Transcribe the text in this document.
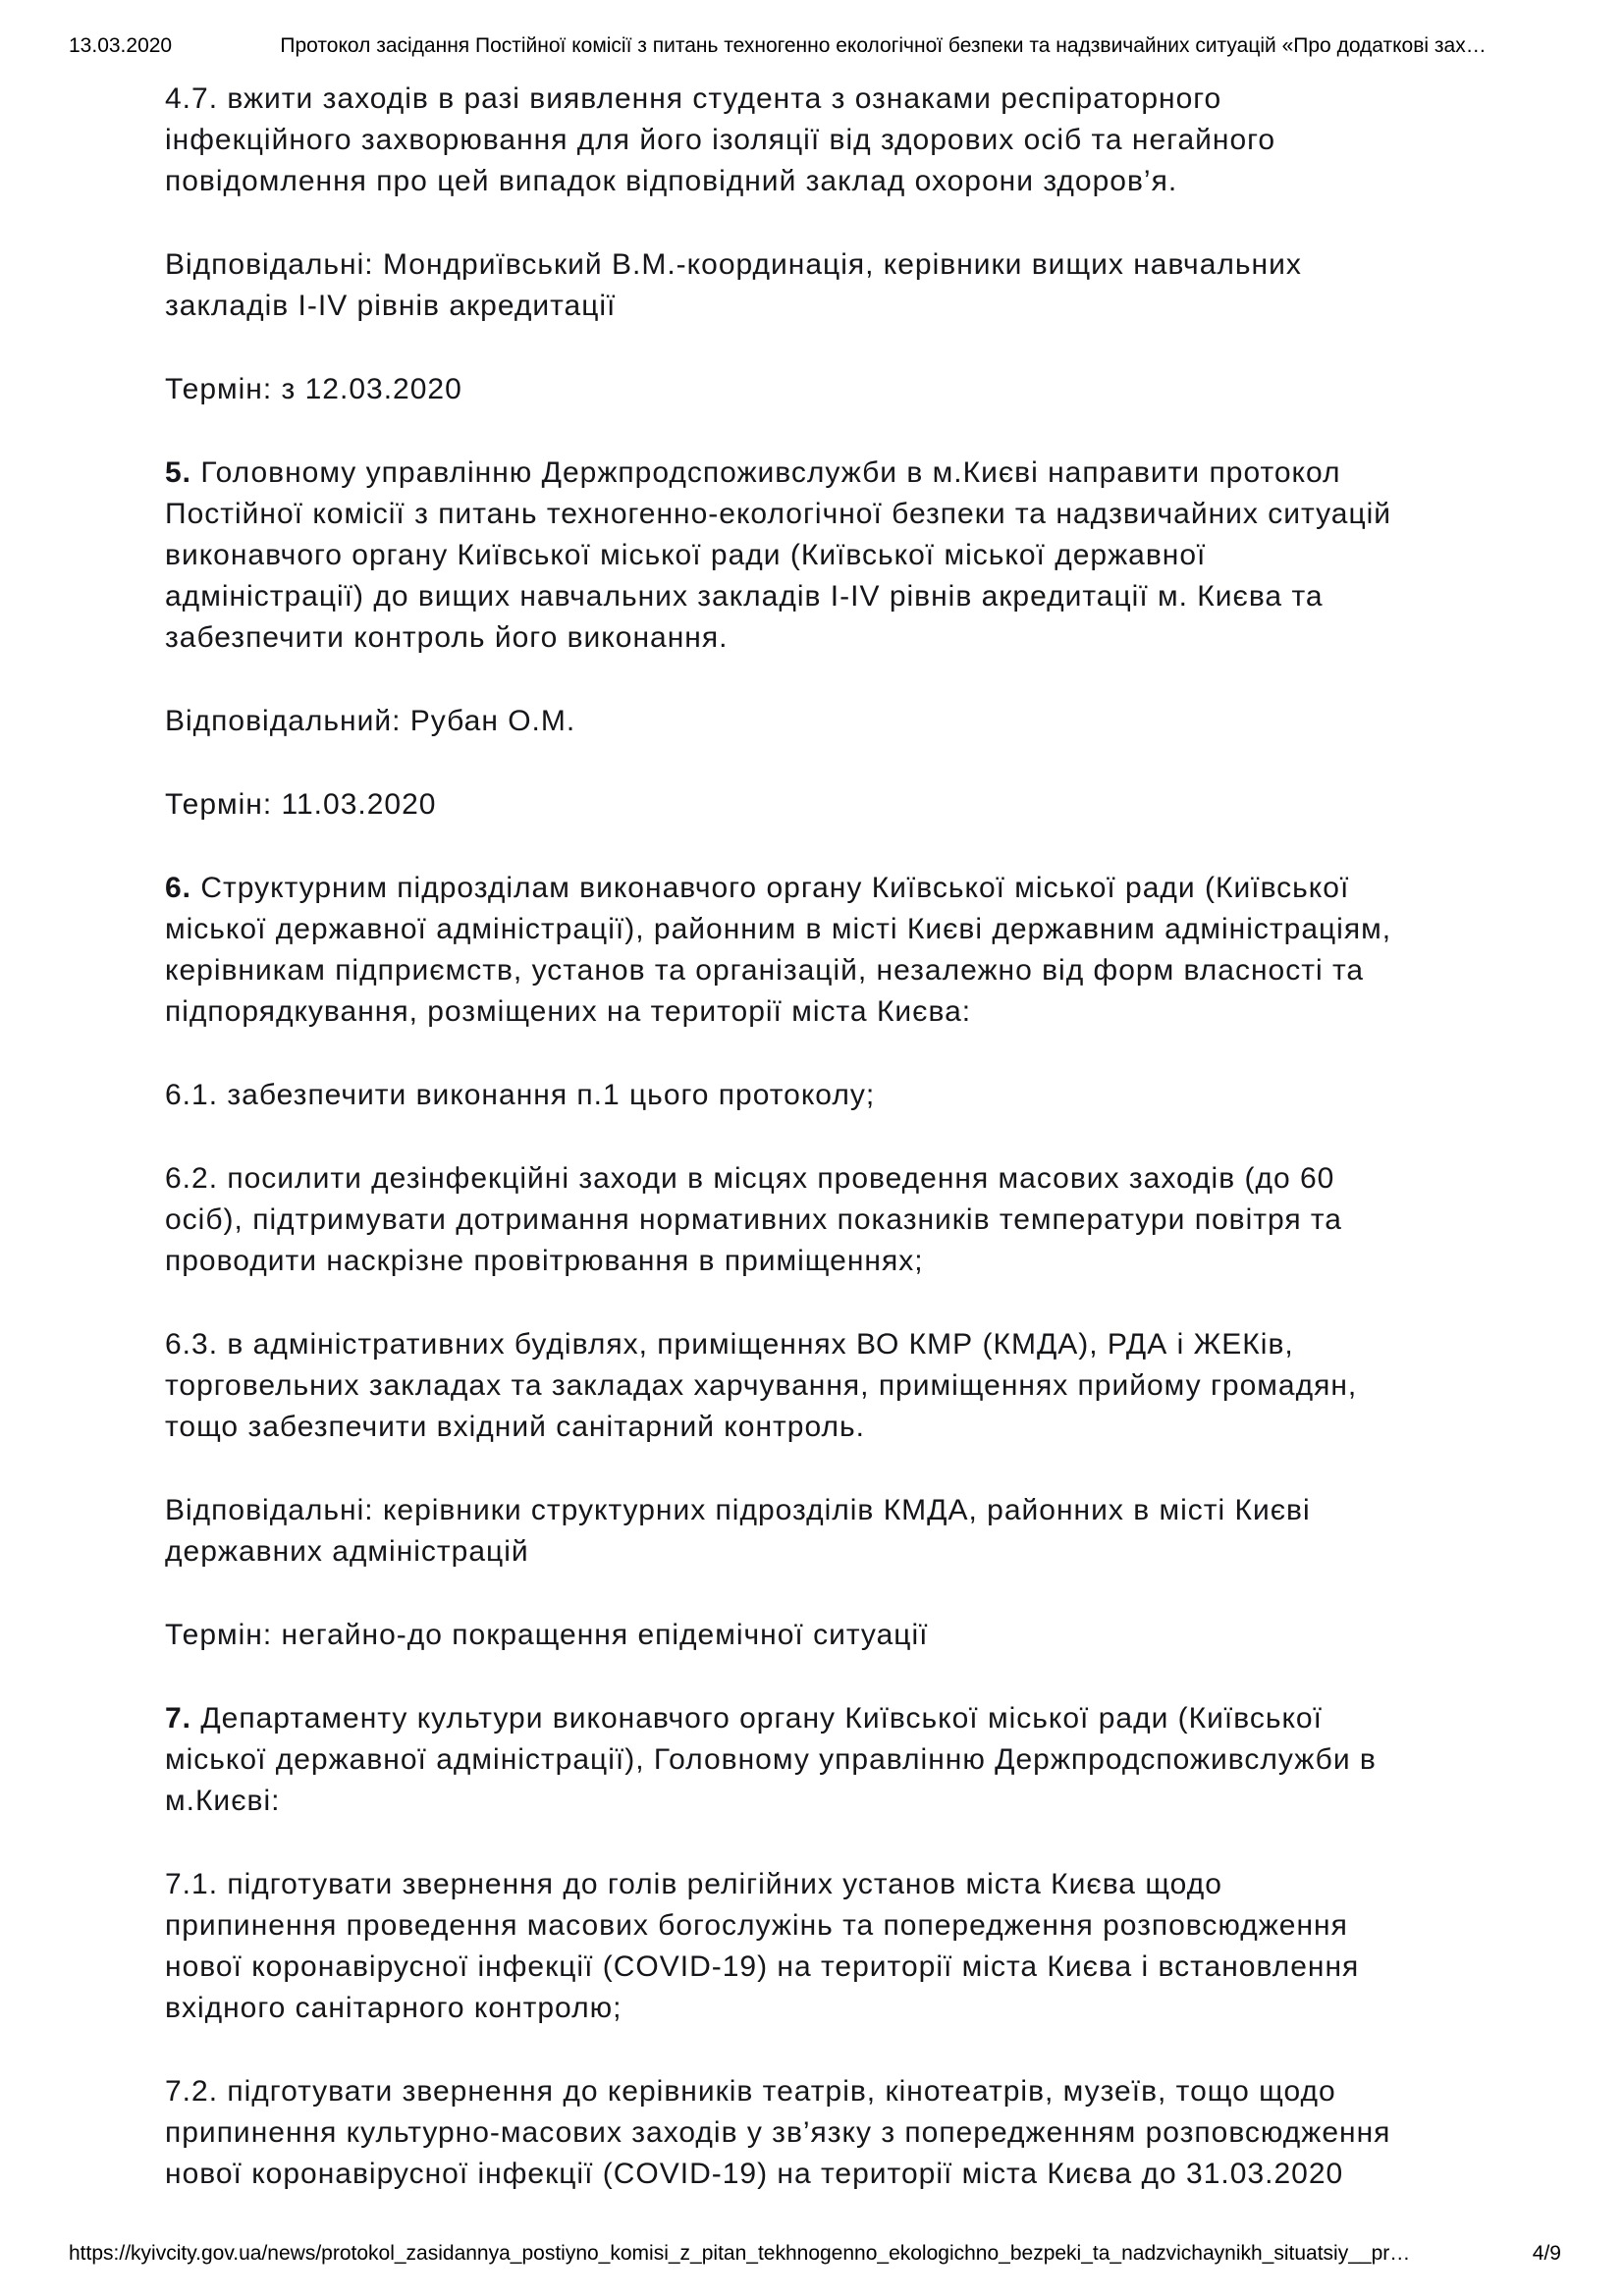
13.03.2020	Протокол засідання Постійної комісії з питань техногенно екологічної безпеки та надзвичайних ситуацій «Про додаткові зах…

4.7. вжити заходів в разі виявлення студента з ознаками респіраторного інфекційного захворювання для його ізоляції від здорових осіб та негайного повідомлення про цей випадок відповідний заклад охорони здоров’я.

Відповідальні: Мондриївський В.М.-координація, керівники вищих навчальних закладів I-IV рівнів акредитації

Термін: з 12.03.2020

5. Головному управлінню Держпродспоживслужби в м.Києві направити протокол Постійної комісії з питань техногенно-екологічної безпеки та надзвичайних ситуацій виконавчого органу Київської міської ради (Київської міської державної адміністрації) до вищих навчальних закладів I-IV рівнів акредитації м. Києва та забезпечити контроль його виконання.

Відповідальний: Рубан О.М.

Термін: 11.03.2020

6. Структурним підрозділам виконавчого органу Київської міської ради (Київської міської державної адміністрації), районним в місті Києві державним адміністраціям, керівникам підприємств, установ та організацій, незалежно від форм власності та підпорядкування, розміщених на території міста Києва:

6.1. забезпечити виконання п.1 цього протоколу;

6.2. посилити дезінфекційні заходи в місцях проведення масових заходів (до 60 осіб), підтримувати дотримання нормативних показників температури повітря та проводити наскрізне провітрювання в приміщеннях;

6.3. в адміністративних будівлях, приміщеннях ВО КМР (КМДА), РДА і ЖЕКів, торговельних закладах та закладах харчування, приміщеннях прийому громадян, тощо забезпечити вхідний санітарний контроль.

Відповідальні: керівники структурних підрозділів КМДА, районних в місті Києві державних адміністрацій

Термін: негайно-до покращення епідемічної ситуації

7. Департаменту культури виконавчого органу Київської міської ради (Київської міської державної адміністрації), Головному управлінню Держпродспоживслужби в м.Києві:

7.1. підготувати звернення до голів релігійних установ міста Києва щодо припинення проведення масових богослужінь та попередження розповсюдження нової коронавірусної інфекції (COVID-19) на території міста Києва і встановлення вхідного санітарного контролю;

7.2. підготувати звернення до керівників театрів, кінотеатрів, музеїв, тощо щодо припинення культурно-масових заходів у зв’язку з попередженням розповсюдження нової коронавірусної інфекції (COVID-19) на території міста Києва до 31.03.2020

https://kyivcity.gov.ua/news/protokol_zasidannya_postiyno_komisi_z_pitan_tekhnogenno_ekologichno_bezpeki_ta_nadzvichaynikh_situatsiy__pr…	4/9
